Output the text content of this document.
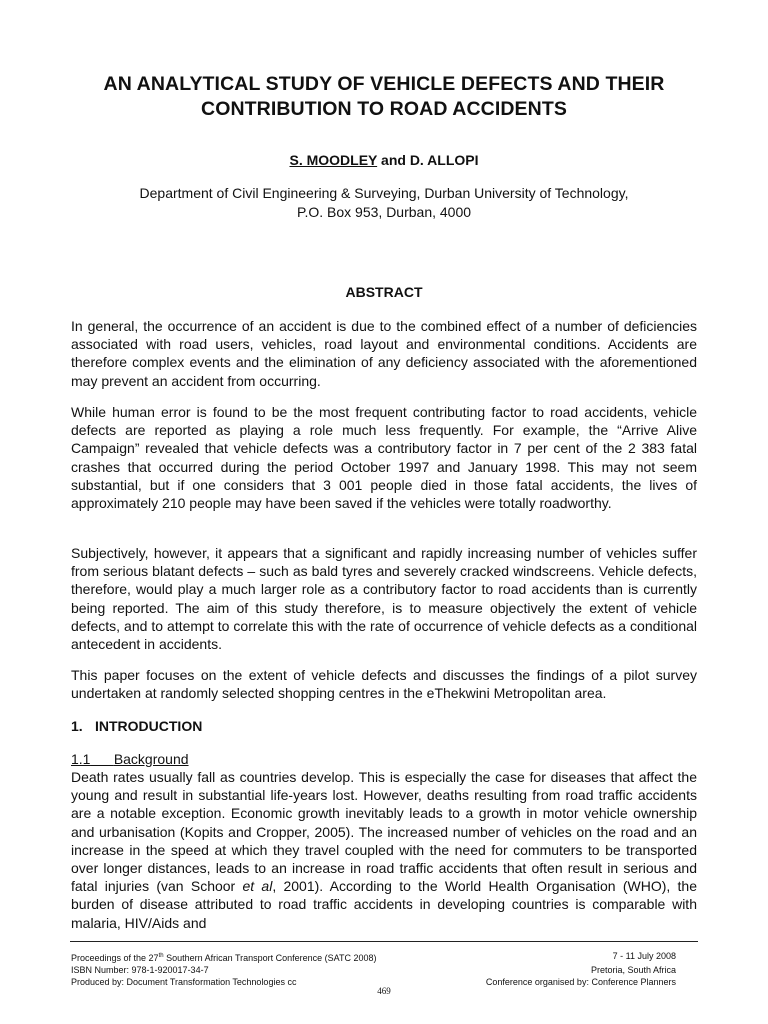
AN ANALYTICAL STUDY OF VEHICLE DEFECTS AND THEIR
CONTRIBUTION TO ROAD ACCIDENTS
S. MOODLEY and D. ALLOPI
Department of Civil Engineering & Surveying, Durban University of Technology,
P.O. Box 953, Durban, 4000
ABSTRACT

In general, the occurrence of an accident is due to the combined effect of a number of deficiencies associated with road users, vehicles, road layout and environmental conditions. Accidents are therefore complex events and the elimination of any deficiency associated with the aforementioned may prevent an accident from occurring.

While human error is found to be the most frequent contributing factor to road accidents, vehicle defects are reported as playing a role much less frequently. For example, the “Arrive Alive Campaign” revealed that vehicle defects was a contributory factor in 7 per cent of the 2 383 fatal crashes that occurred during the period October 1997 and January 1998. This may not seem substantial, but if one considers that 3 001 people died in those fatal accidents, the lives of approximately 210 people may have been saved if the vehicles were totally roadworthy.

Subjectively, however, it appears that a significant and rapidly increasing number of vehicles suffer from serious blatant defects – such as bald tyres and severely cracked windscreens. Vehicle defects, therefore, would play a much larger role as a contributory factor to road accidents than is currently being reported. The aim of this study therefore, is to measure objectively the extent of vehicle defects, and to attempt to correlate this with the rate of occurrence of vehicle defects as a conditional antecedent in accidents.

This paper focuses on the extent of vehicle defects and discusses the findings of a pilot survey undertaken at randomly selected shopping centres in the eThekwini Metropolitan area.

1. INTRODUCTION
1.1 Background

Death rates usually fall as countries develop. This is especially the case for diseases that affect the young and result in substantial life-years lost. However, deaths resulting from road traffic accidents are a notable exception. Economic growth inevitably leads to a growth in motor vehicle ownership and urbanisation (Kopits and Cropper, 2005). The increased number of vehicles on the road and an increase in the speed at which they travel coupled with the need for commuters to be transported over longer distances, leads to an increase in road traffic accidents that often result in serious and fatal injuries (van Schoor et al, 2001). According to the World Health Organisation (WHO), the burden of disease attributed to road traffic accidents in developing countries is comparable with malaria, HIV/Aids and

Proceedings of the 27th Southern African Transport Conference (SATC 2008)	7 - 11 July 2008
ISBN Number: 978-1-920017-34-7	Pretoria, South Africa
Produced by: Document Transformation Technologies cc	Conference organised by: Conference Planners
469
